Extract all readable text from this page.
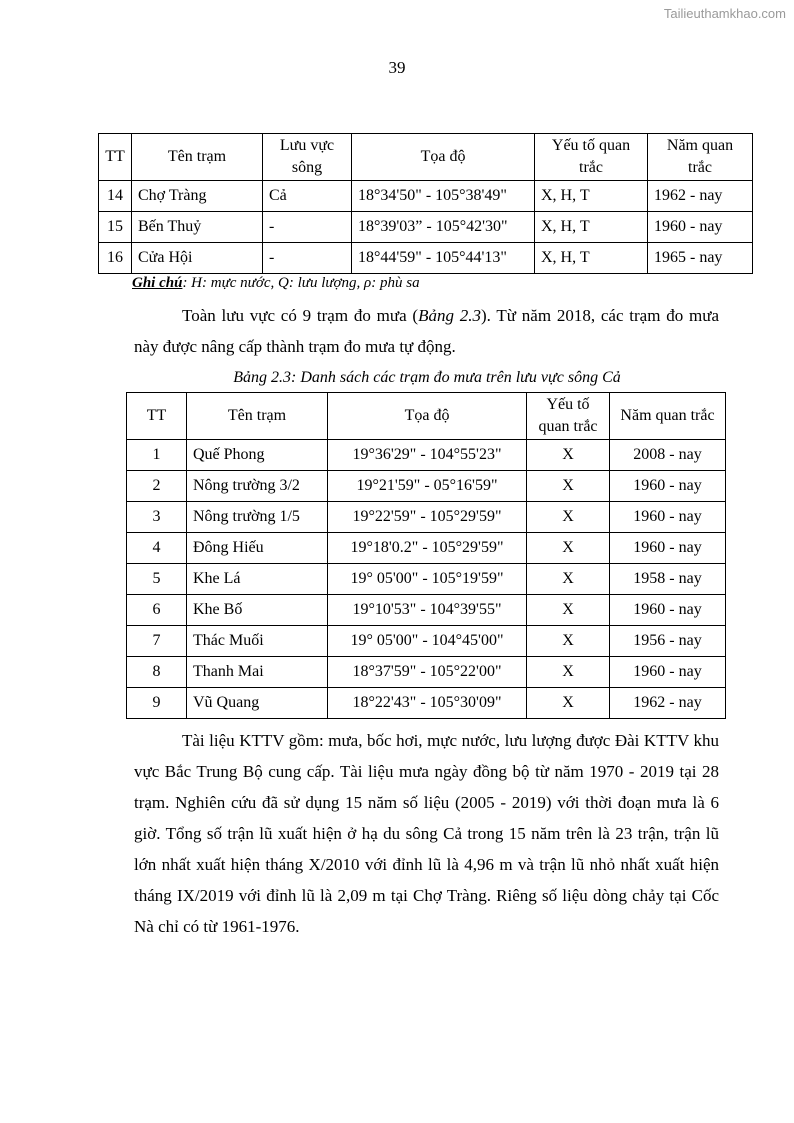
Tailieuthamkhao.com
39
TT	Tên trạm	Lưu vực sông	Tọa độ	Yếu tố quan trắc	Năm quan trắc
14	Chợ Tràng	Cả	18°34'50" - 105°38'49"	X, H, T	1962 - nay
15	Bến Thuỷ	-	18°39'03” - 105°42'30"	X, H, T	1960 - nay
16	Cửa Hội	-	18°44'59" - 105°44'13"	X, H, T	1965 - nay
Ghi chú: H: mực nước, Q: lưu lượng, ρ: phù sa

Toàn lưu vực có 9 trạm đo mưa (Bảng 2.3). Từ năm 2018, các trạm đo mưa này được nâng cấp thành trạm đo mưa tự động.

Bảng 2.3: Danh sách các trạm đo mưa trên lưu vực sông Cả
TT	Tên trạm	Tọa độ	Yếu tố quan trắc	Năm quan trắc
1	Quế Phong	19°36'29" - 104°55'23"	X	2008 - nay
2	Nông trường 3/2	19°21'59" - 05°16'59"	X	1960 - nay
3	Nông trường 1/5	19°22'59" - 105°29'59"	X	1960 - nay
4	Đông Hiếu	19°18'0.2" - 105°29'59"	X	1960 - nay
5	Khe Lá	19° 05'00" - 105°19'59"	X	1958 - nay
6	Khe Bố	19°10'53" - 104°39'55"	X	1960 - nay
7	Thác Muối	19° 05'00" - 104°45'00"	X	1956 - nay
8	Thanh Mai	18°37'59" - 105°22'00"	X	1960 - nay
9	Vũ Quang	18°22'43" - 105°30'09"	X	1962 - nay

Tài liệu KTTV gồm: mưa, bốc hơi, mực nước, lưu lượng được Đài KTTV khu vực Bắc Trung Bộ cung cấp. Tài liệu mưa ngày đồng bộ từ năm 1970 - 2019 tại 28 trạm. Nghiên cứu đã sử dụng 15 năm số liệu (2005 - 2019) với thời đoạn mưa là 6 giờ. Tổng số trận lũ xuất hiện ở hạ du sông Cả trong 15 năm trên là 23 trận, trận lũ lớn nhất xuất hiện tháng X/2010 với đỉnh lũ là 4,96 m và trận lũ nhỏ nhất xuất hiện tháng IX/2019 với đỉnh lũ là 2,09 m tại Chợ Tràng. Riêng số liệu dòng chảy tại Cốc Nà chỉ có từ 1961-1976.
